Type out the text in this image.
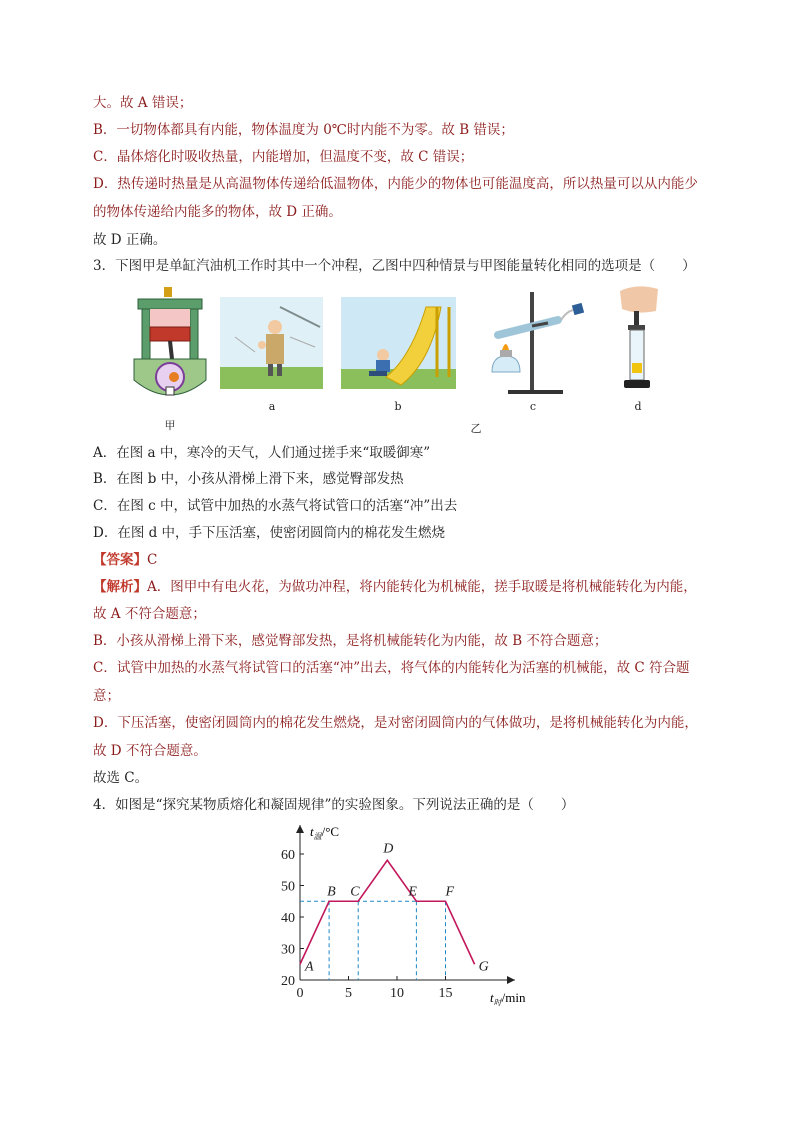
大。故 A 错误；
B．一切物体都具有内能，物体温度为 0℃时内能不为零。故 B 错误；
C．晶体熔化时吸收热量，内能增加，但温度不变，故 C 错误；
D．热传递时热量是从高温物体传递给低温物体，内能少的物体也可能温度高，所以热量可以从内能少
的物体传递给内能多的物体，故 D 正确。
故 D 正确。
3．下图甲是单缸汽油机工作时其中一个冲程，乙图中四种情景与甲图能量转化相同的选项是（　　）
甲
a	b	c	d
乙
A．在图 a 中，寒冷的天气，人们通过搓手来“取暖御寒”
B．在图 b 中，小孩从滑梯上滑下来，感觉臀部发热
C．在图 c 中，试管中加热的水蒸气将试管口的活塞“冲”出去
D．在图 d 中，手下压活塞，使密闭圆筒内的棉花发生燃烧
【答案】C
【解析】A．图甲中有电火花，为做功冲程，将内能转化为机械能，搓手取暖是将机械能转化为内能，
故 A 不符合题意；
B．小孩从滑梯上滑下来，感觉臀部发热，是将机械能转化为内能，故 B 不符合题意；
C．试管中加热的水蒸气将试管口的活塞“冲”出去，将气体的内能转化为活塞的机械能，故 C 符合题
意；
D．下压活塞，使密闭圆筒内的棉花发生燃烧，是对密闭圆筒内的气体做功，是将机械能转化为内能，
故 D 不符合题意。
故选 C。
4．如图是“探究某物质熔化和凝固规律”的实验图象。下列说法正确的是（　　）
$t_温/^\circ C$
$t_时/\min$
A
B C
D
E F
G
20
30
40
50
60
0	5	10 15
